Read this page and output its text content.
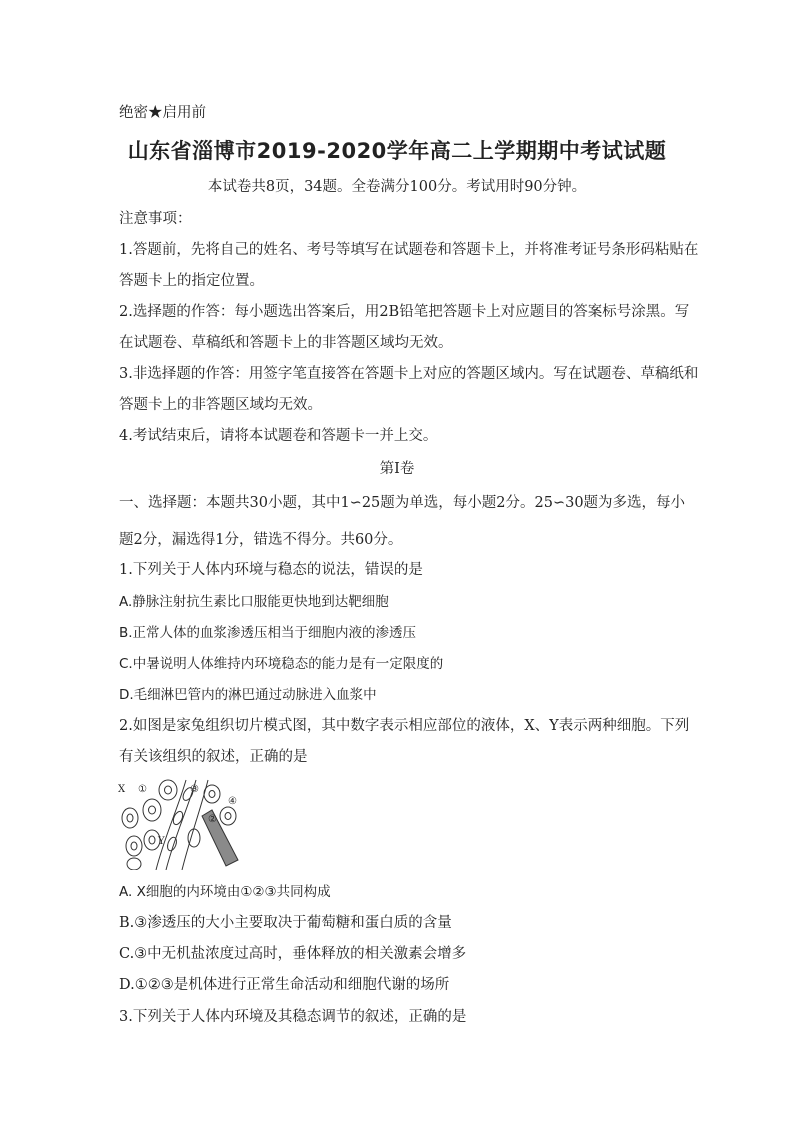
绝密★启用前
山东省淄博市2019-2020学年高二上学期期中考试试题
本试卷共8页，34题。全卷满分100分。考试用时90分钟。
注意事项：
1.答题前，先将自己的姓名、考号等填写在试题卷和答题卡上，并将准考证号条形码粘贴在
答题卡上的指定位置。
2.选择题的作答：每小题选出答案后，用2B铅笔把答题卡上对应题目的答案标号涂黑。写
在试题卷、草稿纸和答题卡上的非答题区域均无效。
3.非选择题的作答：用签字笔直接答在答题卡上对应的答题区域内。写在试题卷、草稿纸和
答题卡上的非答题区域均无效。
4.考试结束后，请将本试题卷和答题卡一并上交。
第Ⅰ卷
一、选择题：本题共30小题，其中1∽25题为单选，每小题2分。25∽30题为多选，每小
题2分，漏选得1分，错选不得分。共60分。
1.下列关于人体内环境与稳态的说法，错误的是
A.静脉注射抗生素比口服能更快地到达靶细胞
B.正常人体的血浆渗透压相当于细胞内液的渗透压
C.中暑说明人体维持内环境稳态的能力是有一定限度的
D.毛细淋巴管内的淋巴通过动脉进入血浆中
2.如图是家兔组织切片模式图，其中数字表示相应部位的液体，X、Y表示两种细胞。下列
有关该组织的叙述，正确的是
X ①
②
③
④
Y
A. X细胞的内环境由①②③共同构成
B.③渗透压的大小主要取决于葡萄糖和蛋白质的含量
C.③中无机盐浓度过高时，垂体释放的相关激素会增多
D.①②③是机体进行正常生命活动和细胞代谢的场所
3.下列关于人体内环境及其稳态调节的叙述，正确的是
